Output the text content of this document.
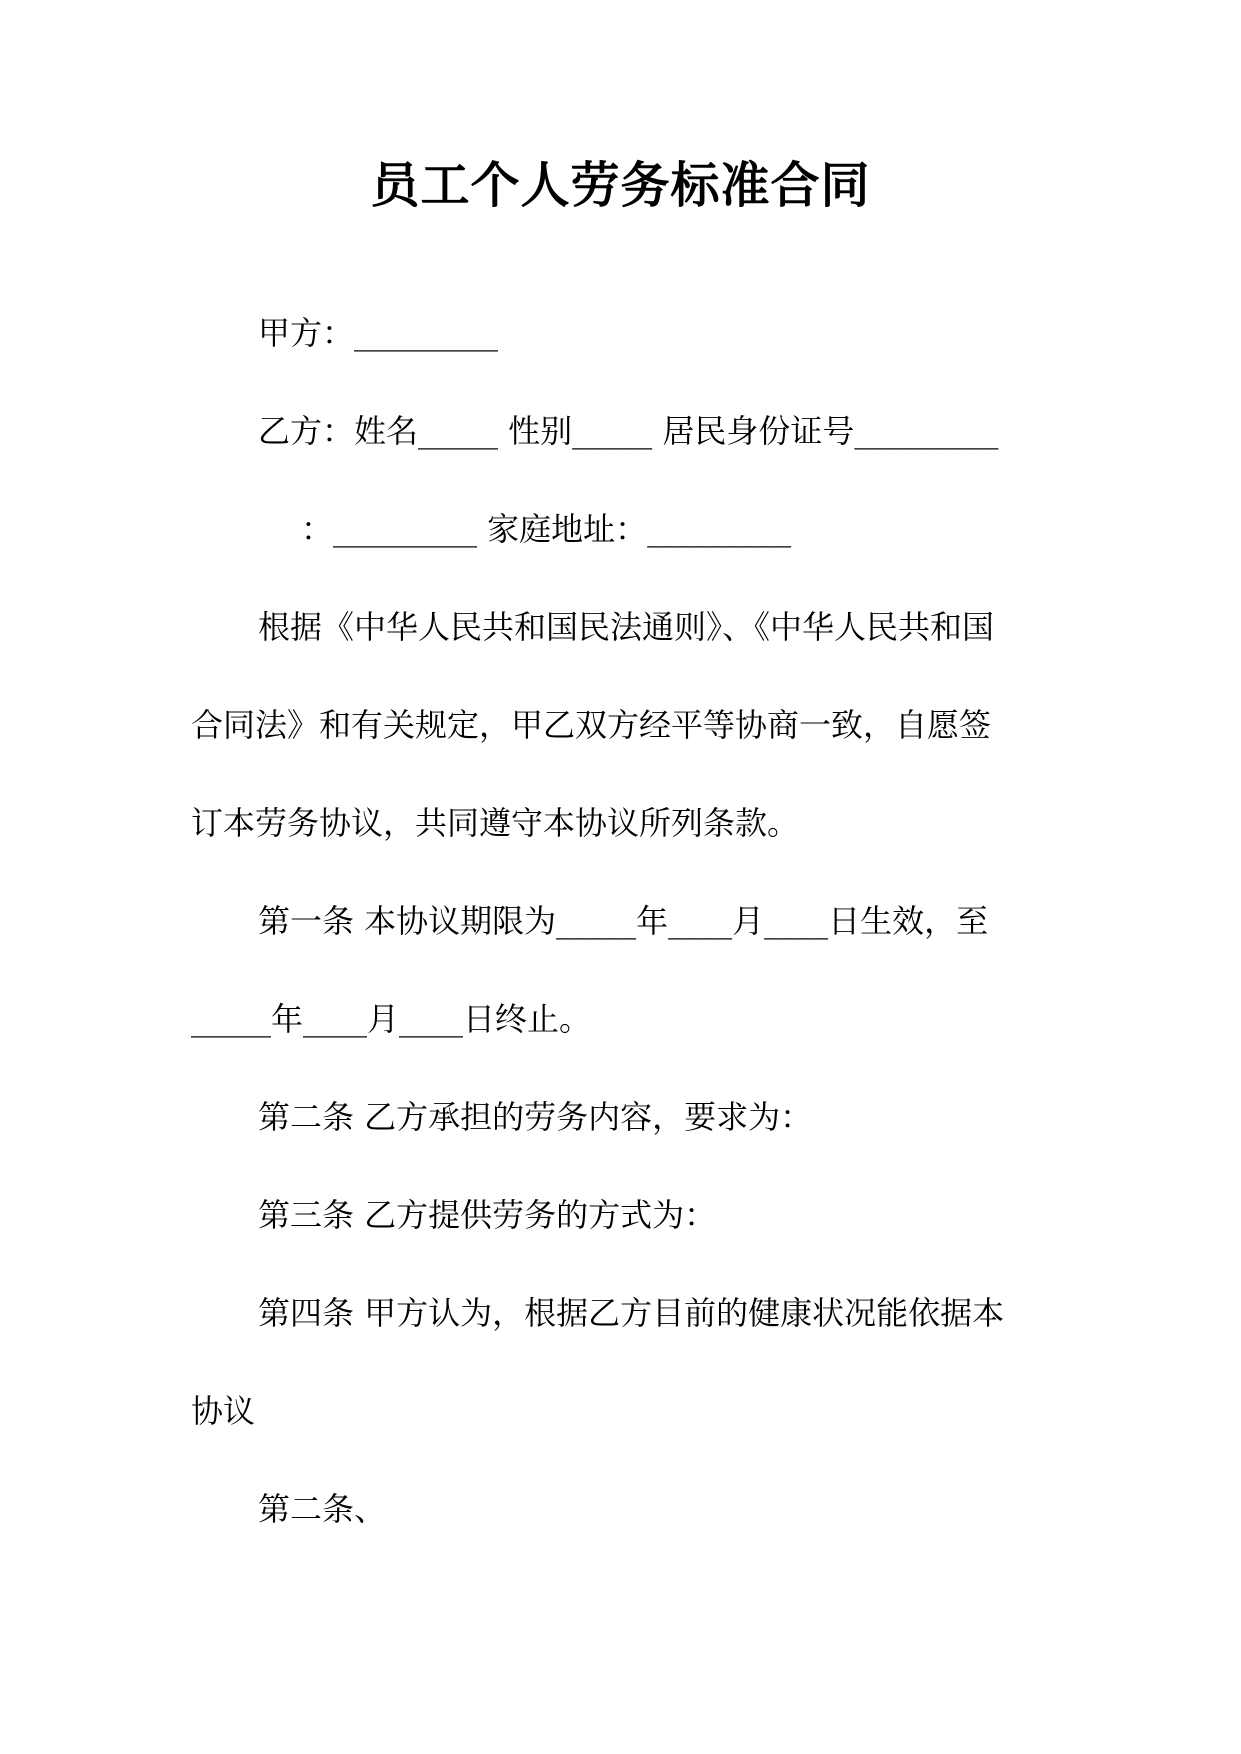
员工个人劳务标准合同
甲方：_________
乙方：姓名_____ 性别_____ 居民身份证号_________
：_________ 家庭地址：_________
根据《中华人民共和国民法通则》、《中华人民共和国
合同法》和有关规定，甲乙双方经平等协商一致，自愿签
订本劳务协议，共同遵守本协议所列条款。
第一条 本协议期限为_____年____月____日生效，至
_____年____月____日终止。
第二条 乙方承担的劳务内容，要求为：
第三条 乙方提供劳务的方式为：
第四条 甲方认为，根据乙方目前的健康状况能依据本
协议
第二条、
